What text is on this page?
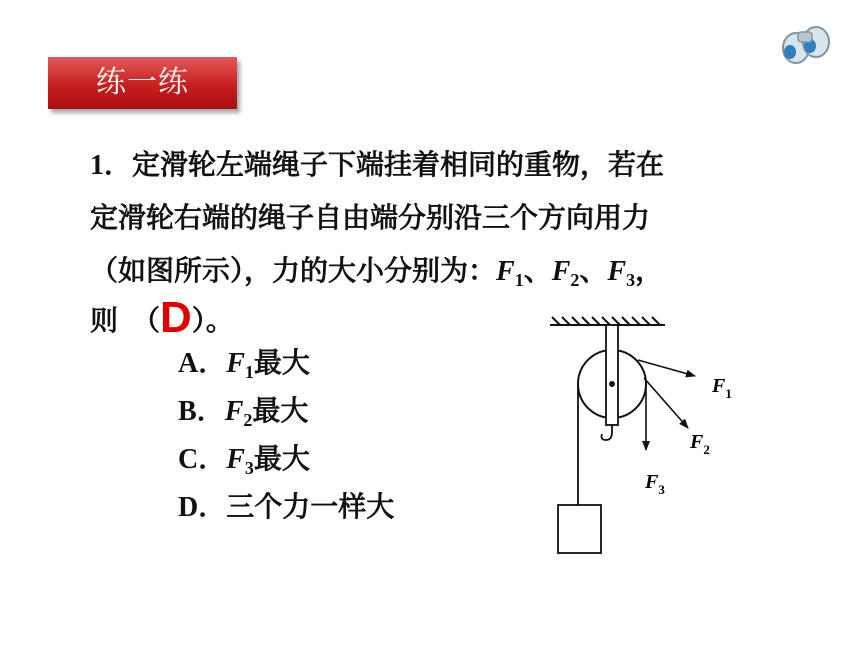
练一练
1．定滑轮左端绳子下端挂着相同的重物，若在
定滑轮右端的绳子自由端分别沿三个方向用力
（如图所示），力的大小分别为：$F_1$、$F_2$、$F_3$，
则　（D）。
A．$F_1$最大
B．$F_2$最大
C．$F_3$最大
D．三个力一样大
$F_1$
$F_2$
$F_3$
